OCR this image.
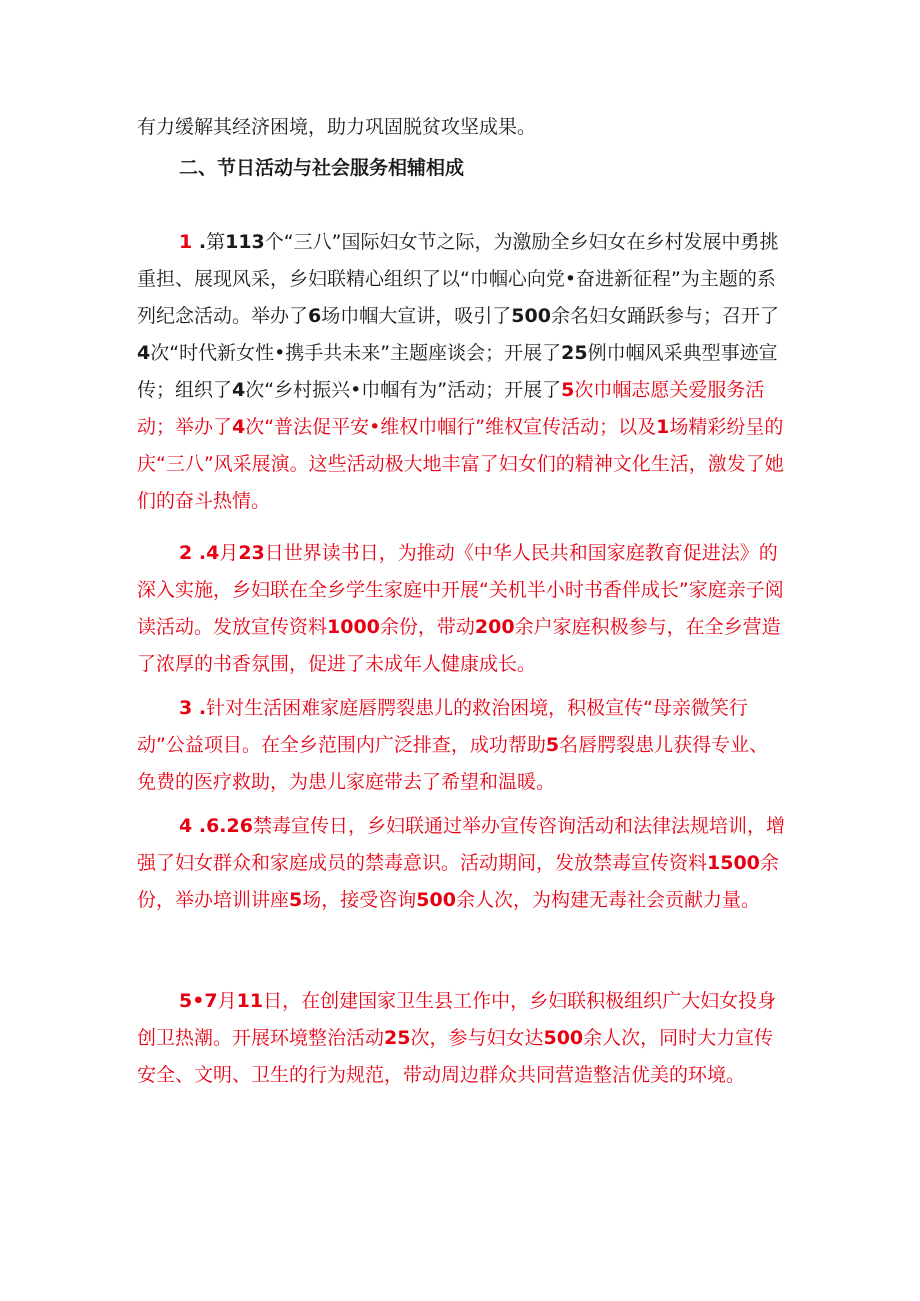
有力缓解其经济困境，助力巩固脱贫攻坚成果。

二、节日活动与社会服务相辅相成

1 .第113个“三八”国际妇女节之际，为激励全乡妇女在乡村发展中勇挑重担、展现风采，乡妇联精心组织了以“巾帼心向党•奋进新征程”为主题的系列纪念活动。举办了6场巾帼大宣讲，吸引了500余名妇女踊跃参与；召开了4次“时代新女性•携手共未来”主题座谈会；开展了25例巾帼风采典型事迹宣传；组织了4次“乡村振兴•巾帼有为”活动；开展了5次巾帼志愿关爱服务活动；举办了4次“普法促平安•维权巾帼行”维权宣传活动；以及1场精彩纷呈的庆“三八”风采展演。这些活动极大地丰富了妇女们的精神文化生活，激发了她们的奋斗热情。

2 .4月23日世界读书日，为推动《中华人民共和国家庭教育促进法》的深入实施，乡妇联在全乡学生家庭中开展“关机半小时书香伴成长”家庭亲子阅读活动。发放宣传资料1000余份，带动200余户家庭积极参与，在全乡营造了浓厚的书香氛围，促进了未成年人健康成长。

3 .针对生活困难家庭唇腭裂患儿的救治困境，积极宣传“母亲微笑行动”公益项目。在全乡范围内广泛排查，成功帮助5名唇腭裂患儿获得专业、免费的医疗救助，为患儿家庭带去了希望和温暖。

4 .6.26禁毒宣传日，乡妇联通过举办宣传咨询活动和法律法规培训，增强了妇女群众和家庭成员的禁毒意识。活动期间，发放禁毒宣传资料1500余份，举办培训讲座5场，接受咨询500余人次，为构建无毒社会贡献力量。

5•7月11日，在创建国家卫生县工作中，乡妇联积极组织广大妇女投身创卫热潮。开展环境整治活动25次，参与妇女达500余人次，同时大力宣传安全、文明、卫生的行为规范，带动周边群众共同营造整洁优美的环境。
